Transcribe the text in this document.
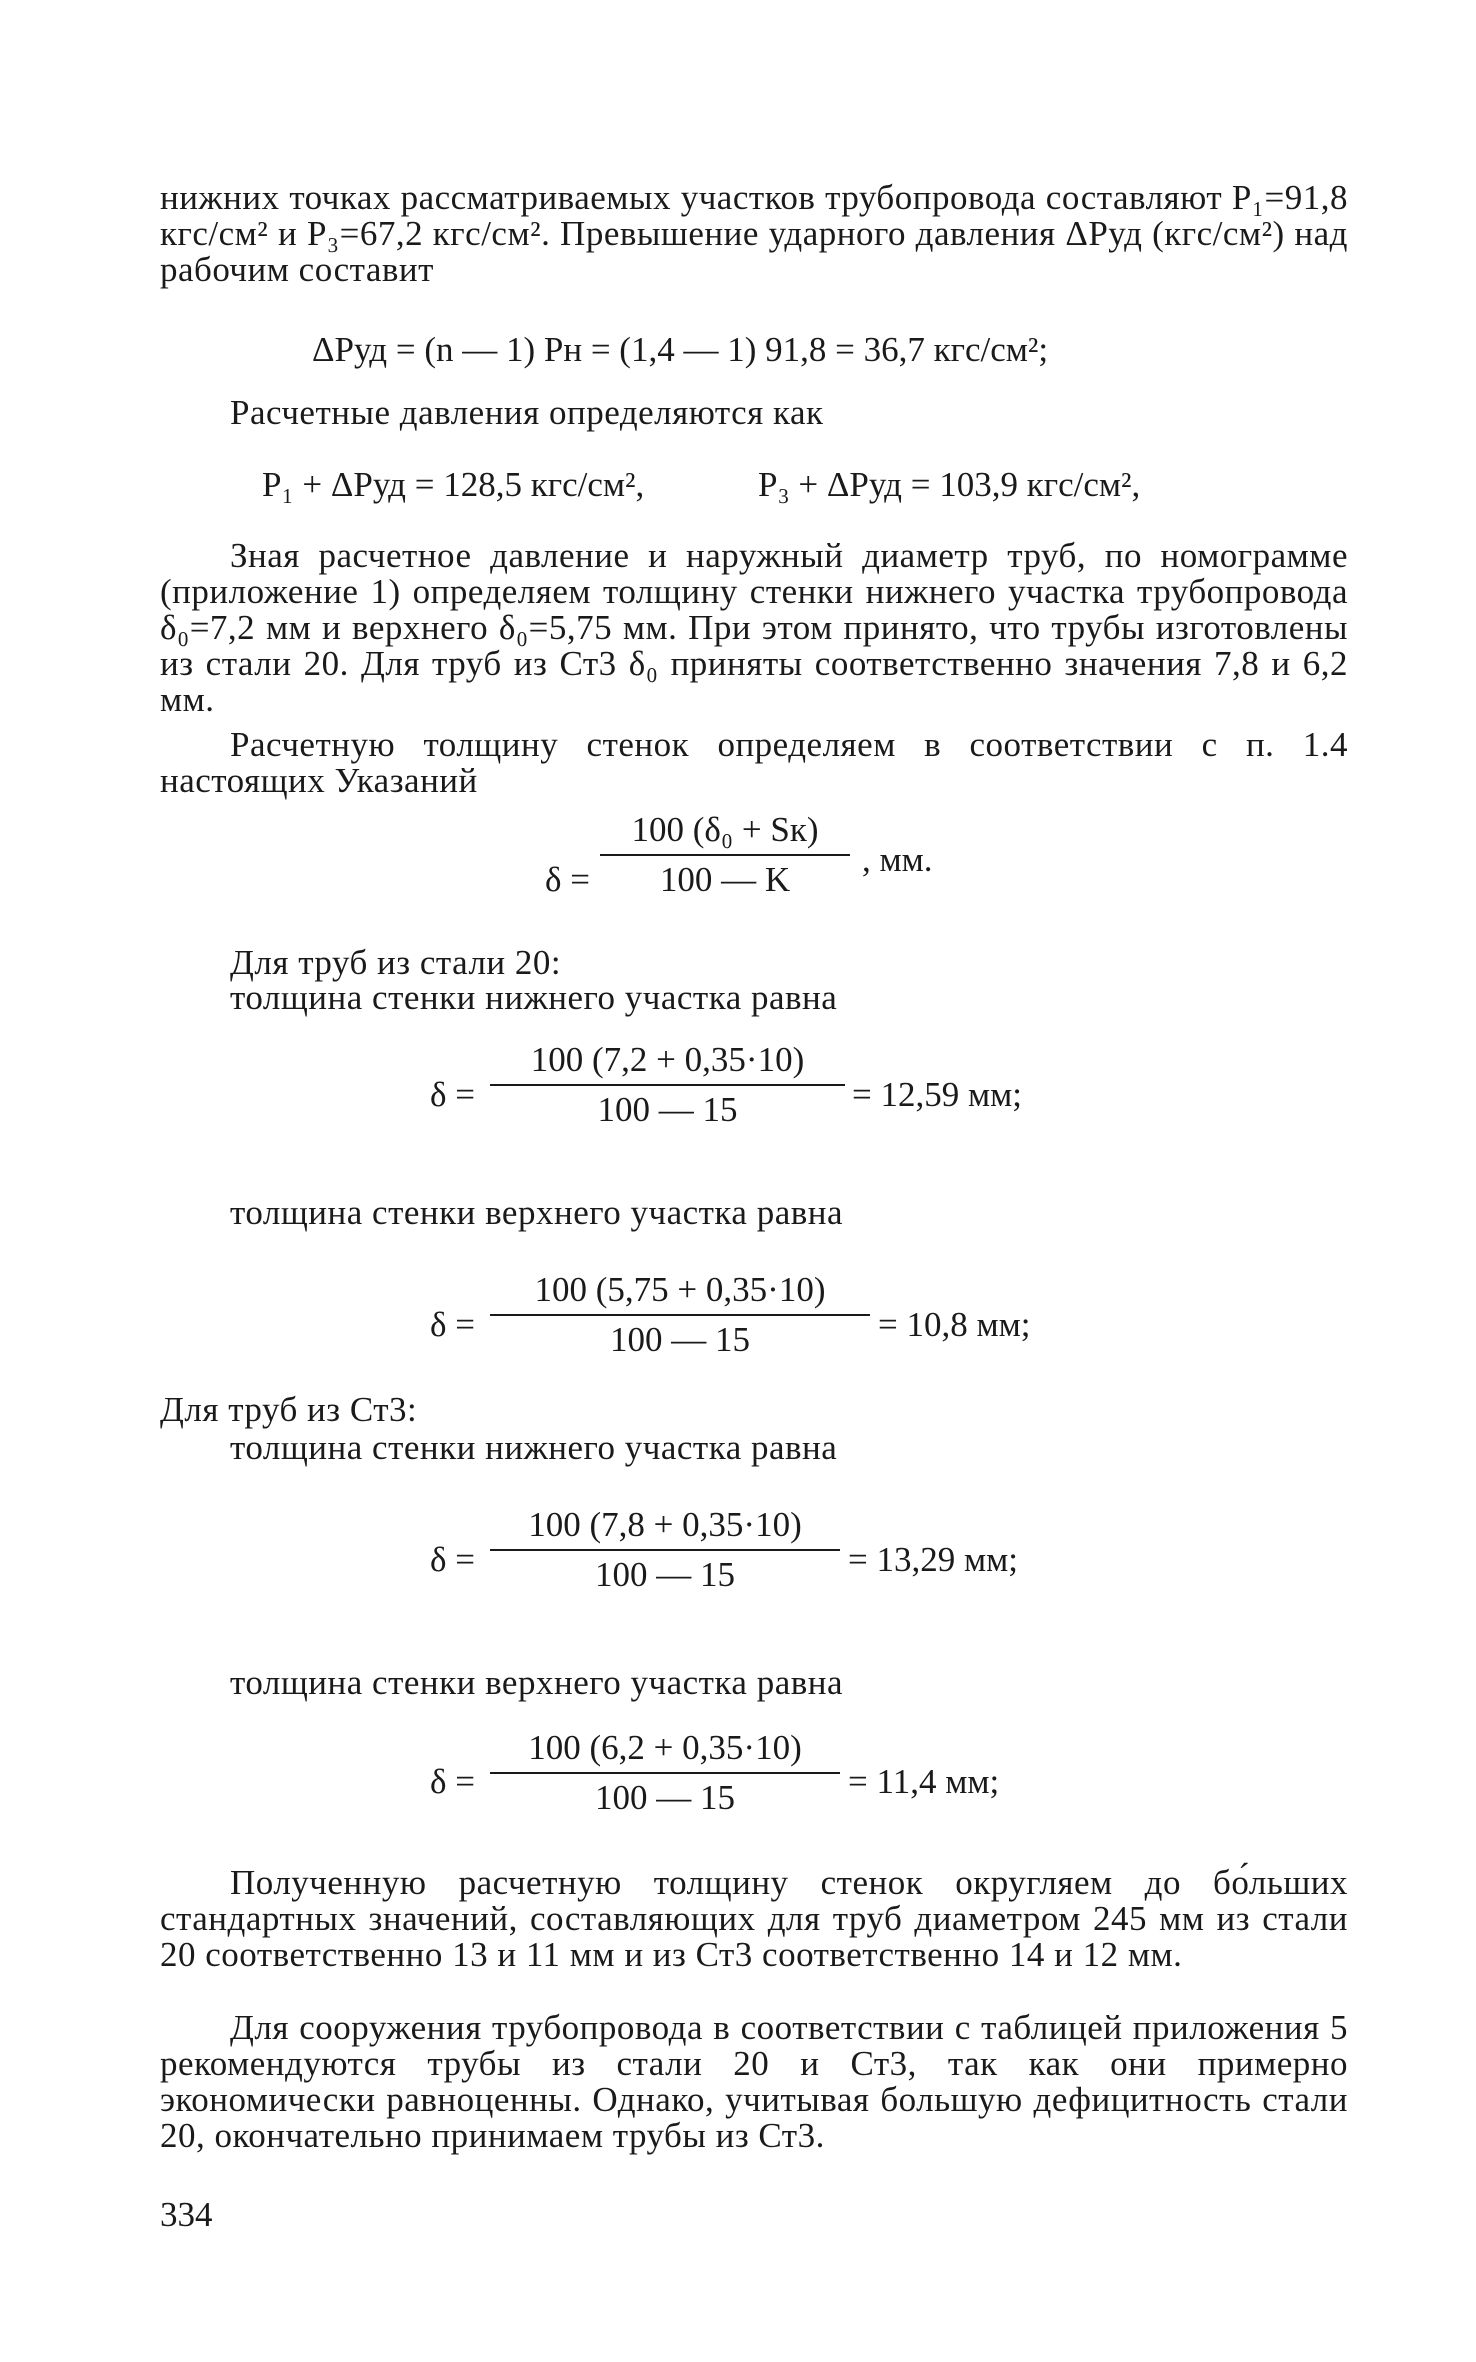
нижних точках рассматриваемых участков трубопровода составляют P₁=91,8 кгс/см² и P₃=67,2 кгс/см². Превышение ударного давления ΔPуд (кгс/см²) над рабочим составит

ΔPуд = (n — 1) Pн = (1,4 — 1) 91,8 = 36,7 кгс/см²;

Расчетные давления определяются как

P₁ + ΔPуд = 128,5 кгс/см²,	P₃ + ΔPуд = 103,9 кгс/см²,

Зная расчетное давление и наружный диаметр труб, по номограмме (приложение 1) определяем толщину стенки нижнего участка трубопровода δ₀=7,2 мм и верхнего δ₀=5,75 мм. При этом принято, что трубы изготовлены из стали 20. Для труб из Ст3 δ₀ приняты соответственно значения 7,8 и 6,2 мм.

Расчетную толщину стенок определяем в соответствии с п. 1.4 настоящих Указаний

δ =
100 (δ₀ + Sк)
100 — K
, мм.

Для труб из стали 20:

толщина стенки нижнего участка равна

$\delta = \frac{100 (7,2 + 0,35\cdot 10)}{100 — 15} = 12,59$ мм;

толщина стенки верхнего участка равна

$\delta = \frac{100 (5,75 + 0,35\cdot 10)}{100 — 15} = 10,8$ мм;

Для труб из Ст3:

толщина стенки нижнего участка равна

$\delta = \frac{100 (7,8 + 0,35\cdot 10)}{100 — 15} = 13,29$ мм;

толщина стенки верхнего участка равна

$\delta = \frac{100 (6,2 + 0,35\cdot 10)}{100 — 15} = 11,4$ мм;

Полученную расчетную толщину стенок округляем до бо́льших стандартных значений, составляющих для труб диаметром 245 мм из стали 20 соответственно 13 и 11 мм и из Ст3 соответственно 14 и 12 мм.

Для сооружения трубопровода в соответствии с таблицей приложения 5 рекомендуются трубы из стали 20 и Ст3, так как они примерно экономически равноценны. Однако, учитывая большую дефицитность стали 20, окончательно принимаем трубы из Ст3.

334
